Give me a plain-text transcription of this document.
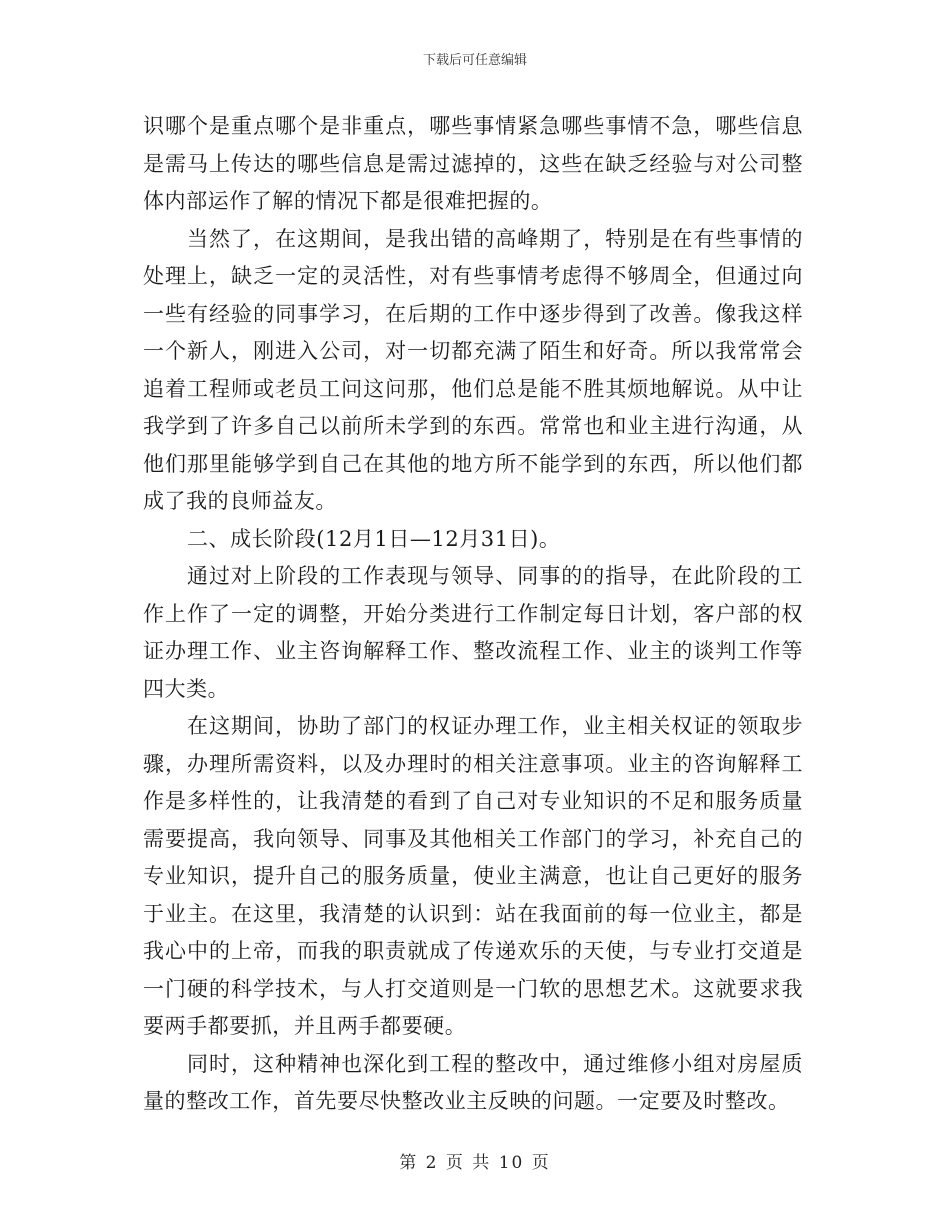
下载后可任意编辑

识哪个是重点哪个是非重点，哪些事情紧急哪些事情不急，哪些信息是需马上传达的哪些信息是需过滤掉的，这些在缺乏经验与对公司整体内部运作了解的情况下都是很难把握的。

当然了，在这期间，是我出错的高峰期了，特别是在有些事情的处理上，缺乏一定的灵活性，对有些事情考虑得不够周全，但通过向一些有经验的同事学习，在后期的工作中逐步得到了改善。像我这样一个新人，刚进入公司，对一切都充满了陌生和好奇。所以我常常会追着工程师或老员工问这问那，他们总是能不胜其烦地解说。从中让我学到了许多自己以前所未学到的东西。常常也和业主进行沟通，从他们那里能够学到自己在其他的地方所不能学到的东西，所以他们都成了我的良师益友。

二、成长阶段(12月1日—12月31日)。

通过对上阶段的工作表现与领导、同事的的指导，在此阶段的工作上作了一定的调整，开始分类进行工作制定每日计划，客户部的权证办理工作、业主咨询解释工作、整改流程工作、业主的谈判工作等四大类。

在这期间，协助了部门的权证办理工作，业主相关权证的领取步骤，办理所需资料，以及办理时的相关注意事项。业主的咨询解释工作是多样性的，让我清楚的看到了自己对专业知识的不足和服务质量需要提高，我向领导、同事及其他相关工作部门的学习，补充自己的专业知识，提升自己的服务质量，使业主满意，也让自己更好的服务于业主。在这里，我清楚的认识到：站在我面前的每一位业主，都是我心中的上帝，而我的职责就成了传递欢乐的天使，与专业打交道是一门硬的科学技术，与人打交道则是一门软的思想艺术。这就要求我要两手都要抓，并且两手都要硬。

同时，这种精神也深化到工程的整改中，通过维修小组对房屋质量的整改工作，首先要尽快整改业主反映的问题。一定要及时整改。

第 2 页 共 10 页
